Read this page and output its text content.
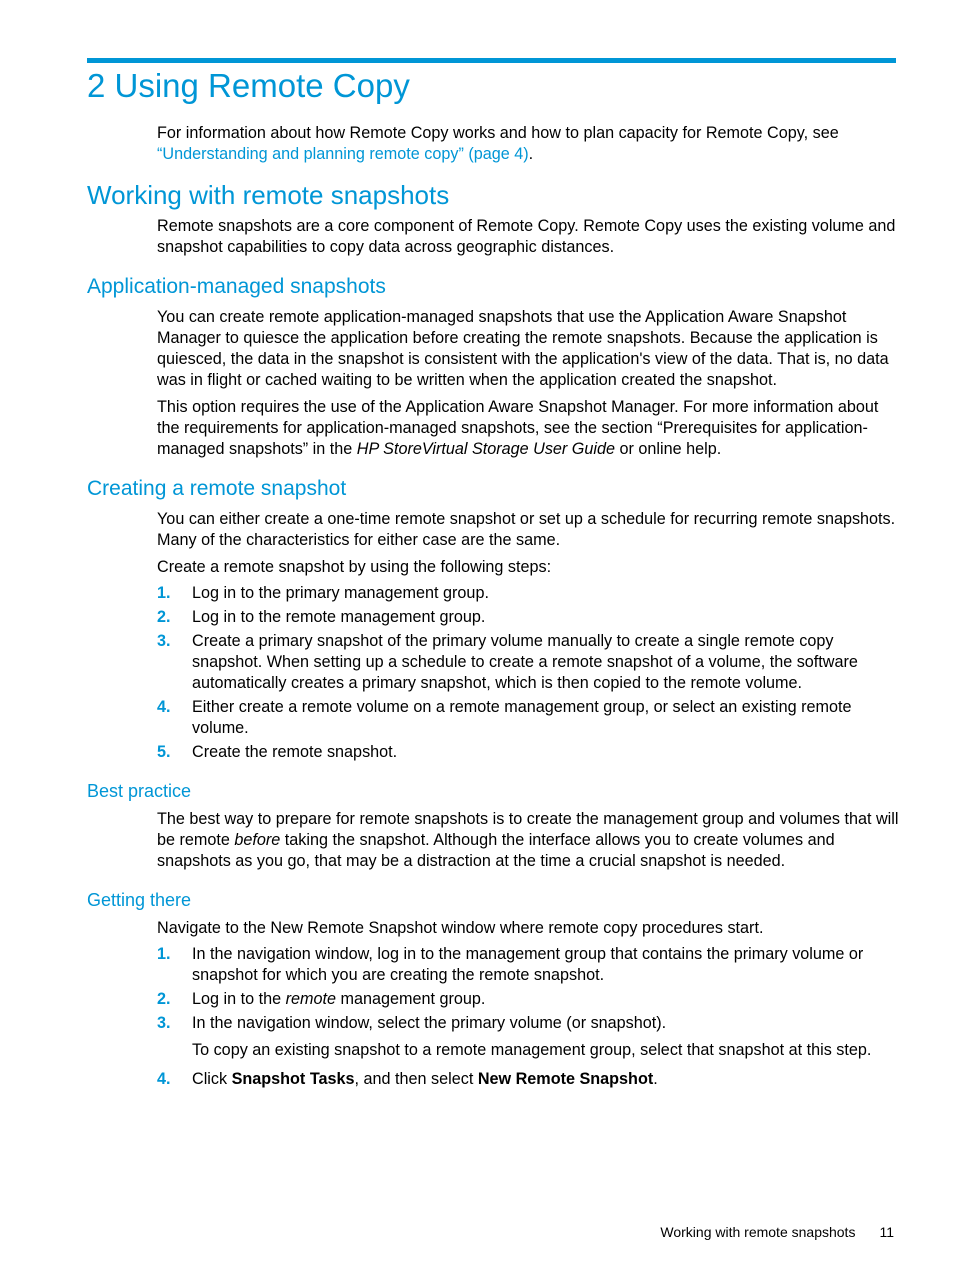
2 Using Remote Copy
For information about how Remote Copy works and how to plan capacity for Remote Copy, see “Understanding and planning remote copy” (page 4).
Working with remote snapshots
Remote snapshots are a core component of Remote Copy. Remote Copy uses the existing volume and snapshot capabilities to copy data across geographic distances.
Application-managed snapshots
You can create remote application-managed snapshots that use the Application Aware Snapshot Manager to quiesce the application before creating the remote snapshots. Because the application is quiesced, the data in the snapshot is consistent with the application's view of the data. That is, no data was in flight or cached waiting to be written when the application created the snapshot.
This option requires the use of the Application Aware Snapshot Manager. For more information about the requirements for application-managed snapshots, see the section “Prerequisites for application-managed snapshots” in the HP StoreVirtual Storage User Guide or online help.
Creating a remote snapshot
You can either create a one-time remote snapshot or set up a schedule for recurring remote snapshots. Many of the characteristics for either case are the same.
Create a remote snapshot by using the following steps:
1. Log in to the primary management group.
2. Log in to the remote management group.
3. Create a primary snapshot of the primary volume manually to create a single remote copy snapshot. When setting up a schedule to create a remote snapshot of a volume, the software automatically creates a primary snapshot, which is then copied to the remote volume.
4. Either create a remote volume on a remote management group, or select an existing remote volume.
5. Create the remote snapshot.
Best practice
The best way to prepare for remote snapshots is to create the management group and volumes that will be remote before taking the snapshot. Although the interface allows you to create volumes and snapshots as you go, that may be a distraction at the time a crucial snapshot is needed.
Getting there
Navigate to the New Remote Snapshot window where remote copy procedures start.
1. In the navigation window, log in to the management group that contains the primary volume or snapshot for which you are creating the remote snapshot.
2. Log in to the remote management group.
3. In the navigation window, select the primary volume (or snapshot).
To copy an existing snapshot to a remote management group, select that snapshot at this step.
4. Click Snapshot Tasks, and then select New Remote Snapshot.
Working with remote snapshots 11
